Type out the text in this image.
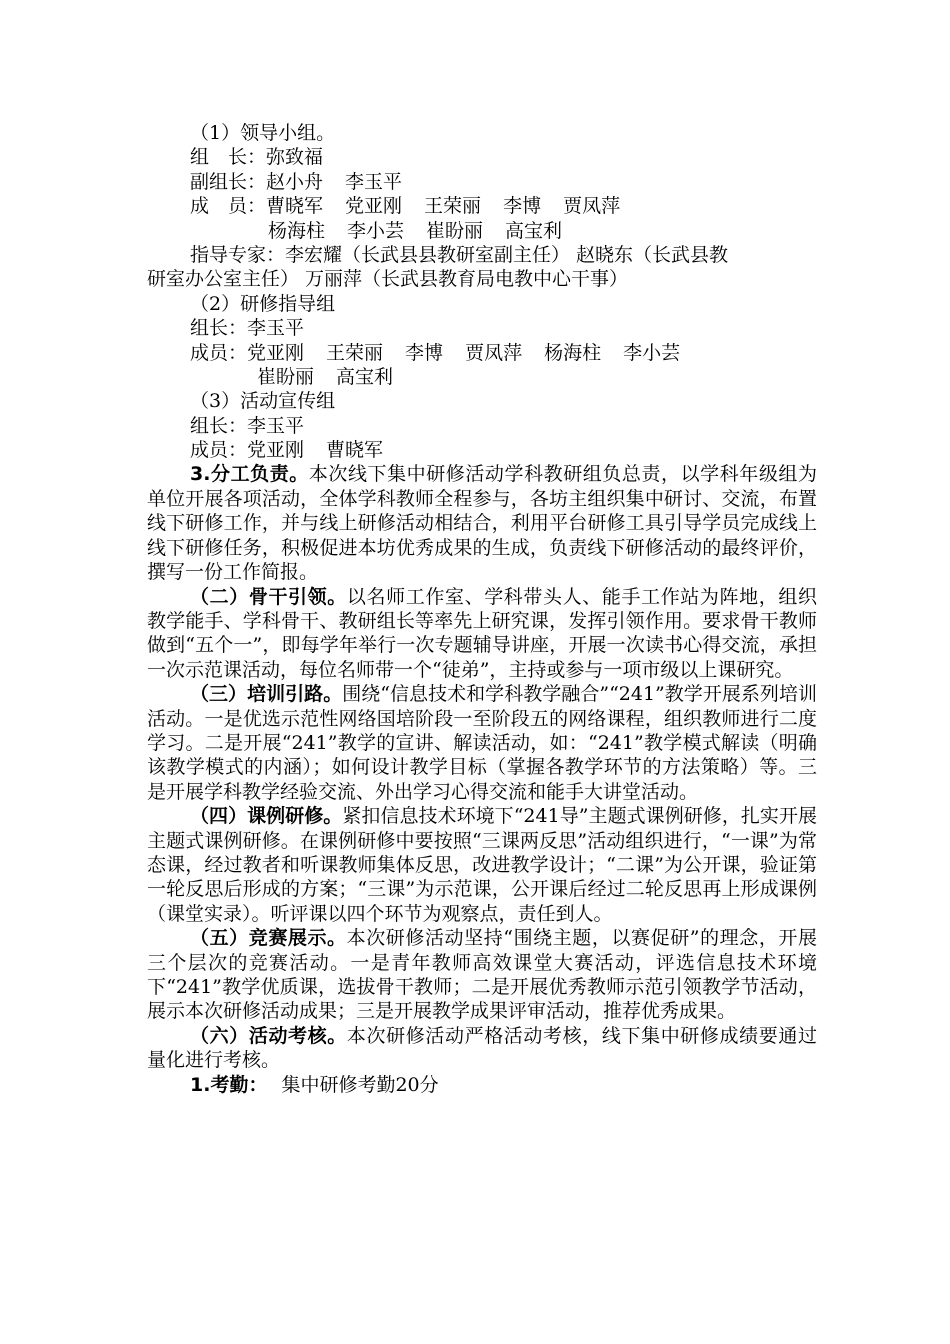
（1）领导小组。
组　长：弥致福
副组长：赵小舟 李玉平
成　员：曹晓军 党亚刚 王荣丽 李博 贾凤萍
杨海柱 李小芸 崔盼丽 高宝利
指导专家：李宏耀（长武县县教研室副主任） 赵晓东（长武县教
研室办公室主任） 万丽萍（长武县教育局电教中心干事）
（2）研修指导组
组长：李玉平
成员：党亚刚 王荣丽 李博 贾凤萍 杨海柱 李小芸
崔盼丽 高宝利
（3）活动宣传组
组长：李玉平
成员：党亚刚 曹晓军
3.分工负责。本次线下集中研修活动学科教研组负总责，以学科年级组为单位开展各项活动，全体学科教师全程参与，各坊主组织集中研讨、交流，布置线下研修工作，并与线上研修活动相结合，利用平台研修工具引导学员完成线上线下研修任务，积极促进本坊优秀成果的生成，负责线下研修活动的最终评价，撰写一份工作简报。
（二）骨干引领。以名师工作室、学科带头人、能手工作站为阵地，组织教学能手、学科骨干、教研组长等率先上研究课，发挥引领作用。要求骨干教师做到“五个一”，即每学年举行一次专题辅导讲座，开展一次读书心得交流，承担一次示范课活动，每位名师带一个“徒弟”，主持或参与一项市级以上课研究。
（三）培训引路。围绕“信息技术和学科教学融合”“241”教学开展系列培训活动。一是优选示范性网络国培阶段一至阶段五的网络课程，组织教师进行二度学习。二是开展“241”教学的宣讲、解读活动，如：“241”教学模式解读（明确该教学模式的内涵）；如何设计教学目标（掌握各教学环节的方法策略）等。三是开展学科教学经验交流、外出学习心得交流和能手大讲堂活动。
（四）课例研修。紧扣信息技术环境下“241导”主题式课例研修，扎实开展主题式课例研修。在课例研修中要按照“三课两反思”活动组织进行，“一课”为常态课，经过教者和听课教师集体反思，改进教学设计；“二课”为公开课，验证第一轮反思后形成的方案；“三课”为示范课，公开课后经过二轮反思再上形成课例（课堂实录）。听评课以四个环节为观察点，责任到人。
（五）竞赛展示。本次研修活动坚持“围绕主题，以赛促研”的理念，开展三个层次的竞赛活动。一是青年教师高效课堂大赛活动，评选信息技术环境下“241”教学优质课，选拔骨干教师；二是开展优秀教师示范引领教学节活动，展示本次研修活动成果；三是开展教学成果评审活动，推荐优秀成果。
（六）活动考核。本次研修活动严格活动考核，线下集中研修成绩要通过量化进行考核。
1.考勤： 集中研修考勤20分
